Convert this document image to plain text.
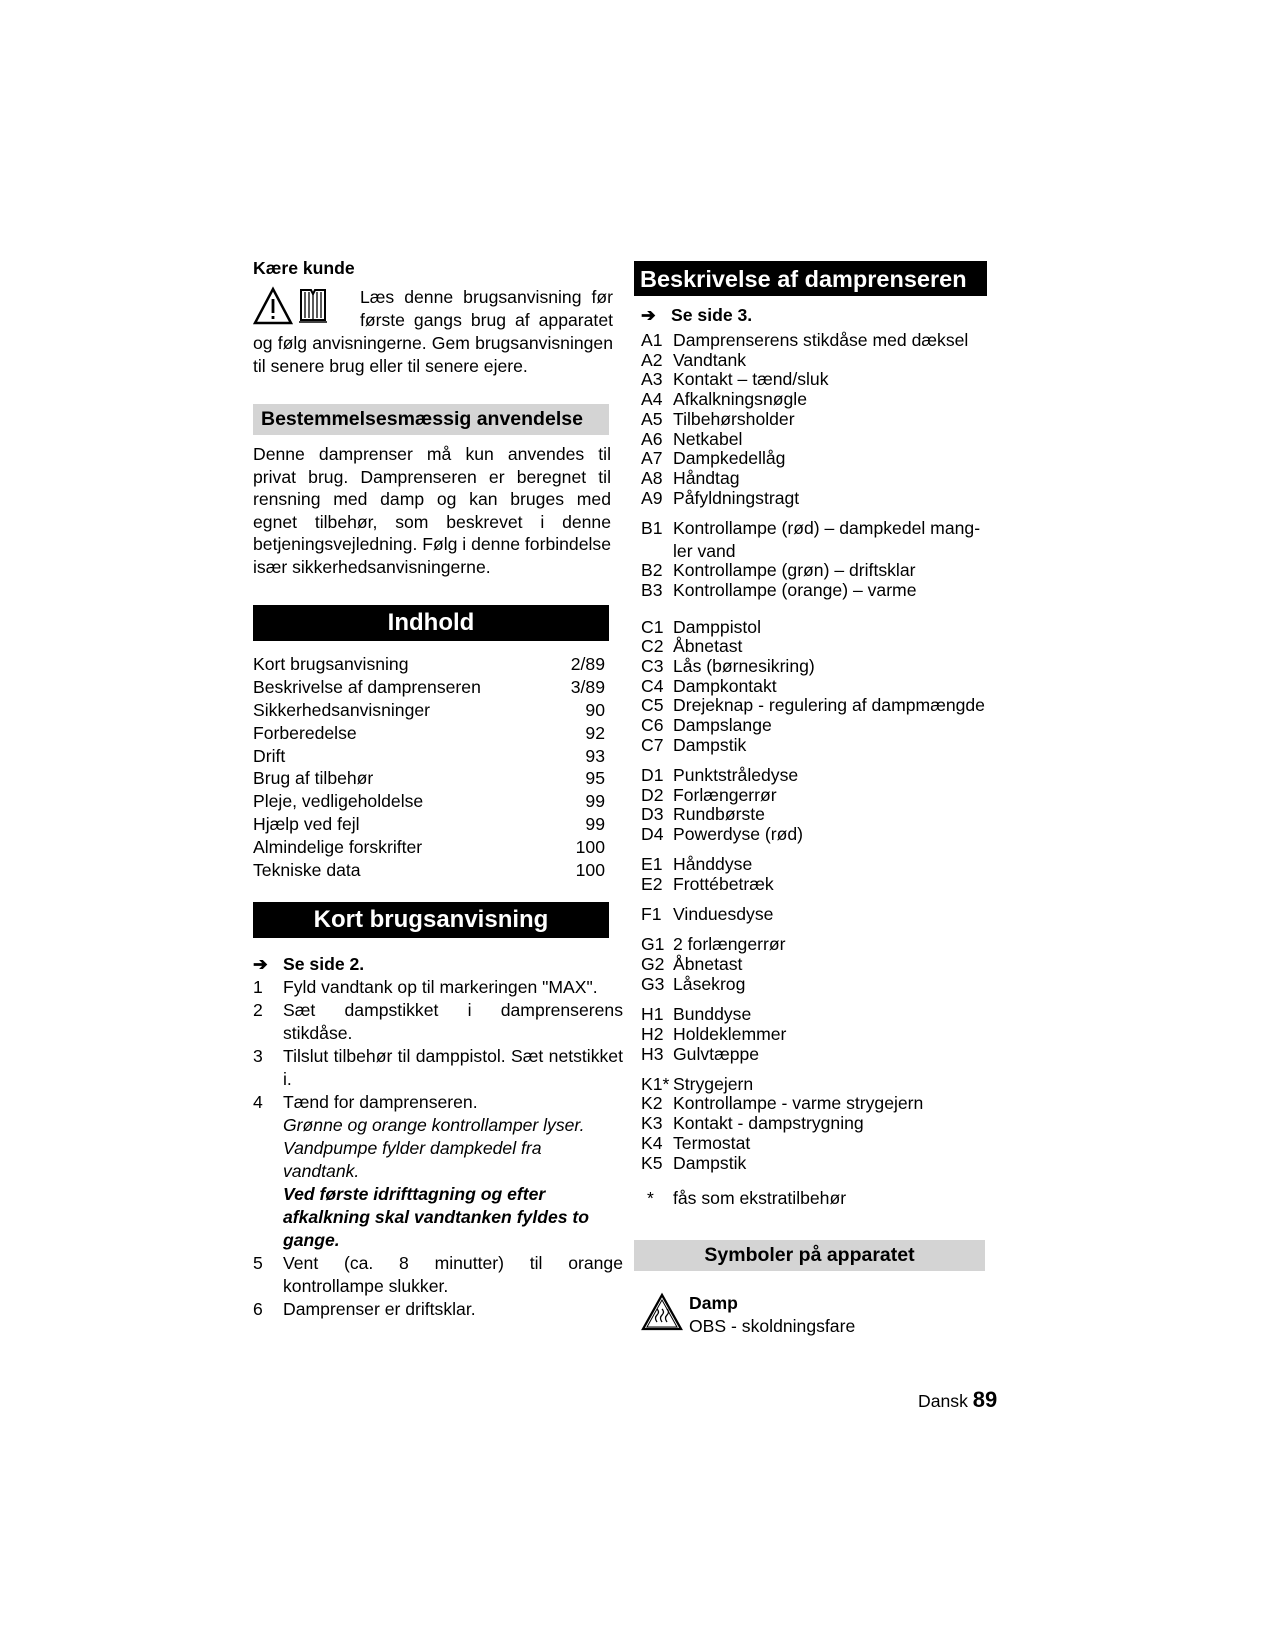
Kære kunde
Læs denne brugsanvisning før første gangs brug af apparatet og følg anvisningerne. Gem brugsanvisningen til senere brug eller til senere ejere.
Bestemmelsesmæssig anvendelse
Denne damprenser må kun anvendes til privat brug. Damprenseren er beregnet til rensning med damp og kan bruges med egnet tilbehør, som beskrevet i denne betjeningsvejledning. Følg i denne forbindelse især sikkerhedsanvisningerne.
Indhold
Kort brugsanvisning	2/89
Beskrivelse af damprenseren	3/89
Sikkerhedsanvisninger	90
Forberedelse	92
Drift	93
Brug af tilbehør	95
Pleje, vedligeholdelse	99
Hjælp ved fejl	99
Almindelige forskrifter	100
Tekniske data	100
Kort brugsanvisning
➔ Se side 2.
1	Fyld vandtank op til markeringen "MAX".
2	Sæt dampstikket i damprenserens stikdåse.
3	Tilslut tilbehør til damppistol. Sæt netstikket i.
4	Tænd for damprenseren.
Grønne og orange kontrollamper lyser. Vandpumpe fylder dampkedel fra vandtank.
Ved første idrifttagning og efter afkalkning skal vandtanken fyldes to gange.
5	Vent (ca. 8 minutter) til orange kontrollampe slukker.
6	Damprenser er driftsklar.
Beskrivelse af damprenseren
➔ Se side 3.
A1 Damprenserens stikdåse med dæksel
A2 Vandtank
A3 Kontakt – tænd/sluk
A4 Afkalkningsnøgle
A5 Tilbehørsholder
A6 Netkabel
A7 Dampkedellåg
A8 Håndtag
A9 Påfyldningstragt
B1 Kontrollampe (rød) – dampkedel mang-
ler vand
B2 Kontrollampe (grøn) – driftsklar
B3 Kontrollampe (orange) – varme
C1 Damppistol
C2 Åbnetast
C3 Lås (børnesikring)
C4 Dampkontakt
C5 Drejeknap - regulering af dampmængde
C6 Dampslange
C7 Dampstik
D1 Punktstråledyse
D2 Forlængerrør
D3 Rundbørste
D4 Powerdyse (rød)
E1 Hånddyse
E2 Frottébetræk
F1 Vinduesdyse
G1 2 forlængerrør
G2 Åbnetast
G3 Låsekrog
H1 Bunddyse
H2 Holdeklemmer
H3 Gulvtæppe
K1* Strygejern
K2 Kontrollampe - varme strygejern
K3 Kontakt - dampstrygning
K4 Termostat
K5 Dampstik
*	fås som ekstratilbehør
Symboler på apparatet
Damp
OBS - skoldningsfare
Dansk 89
